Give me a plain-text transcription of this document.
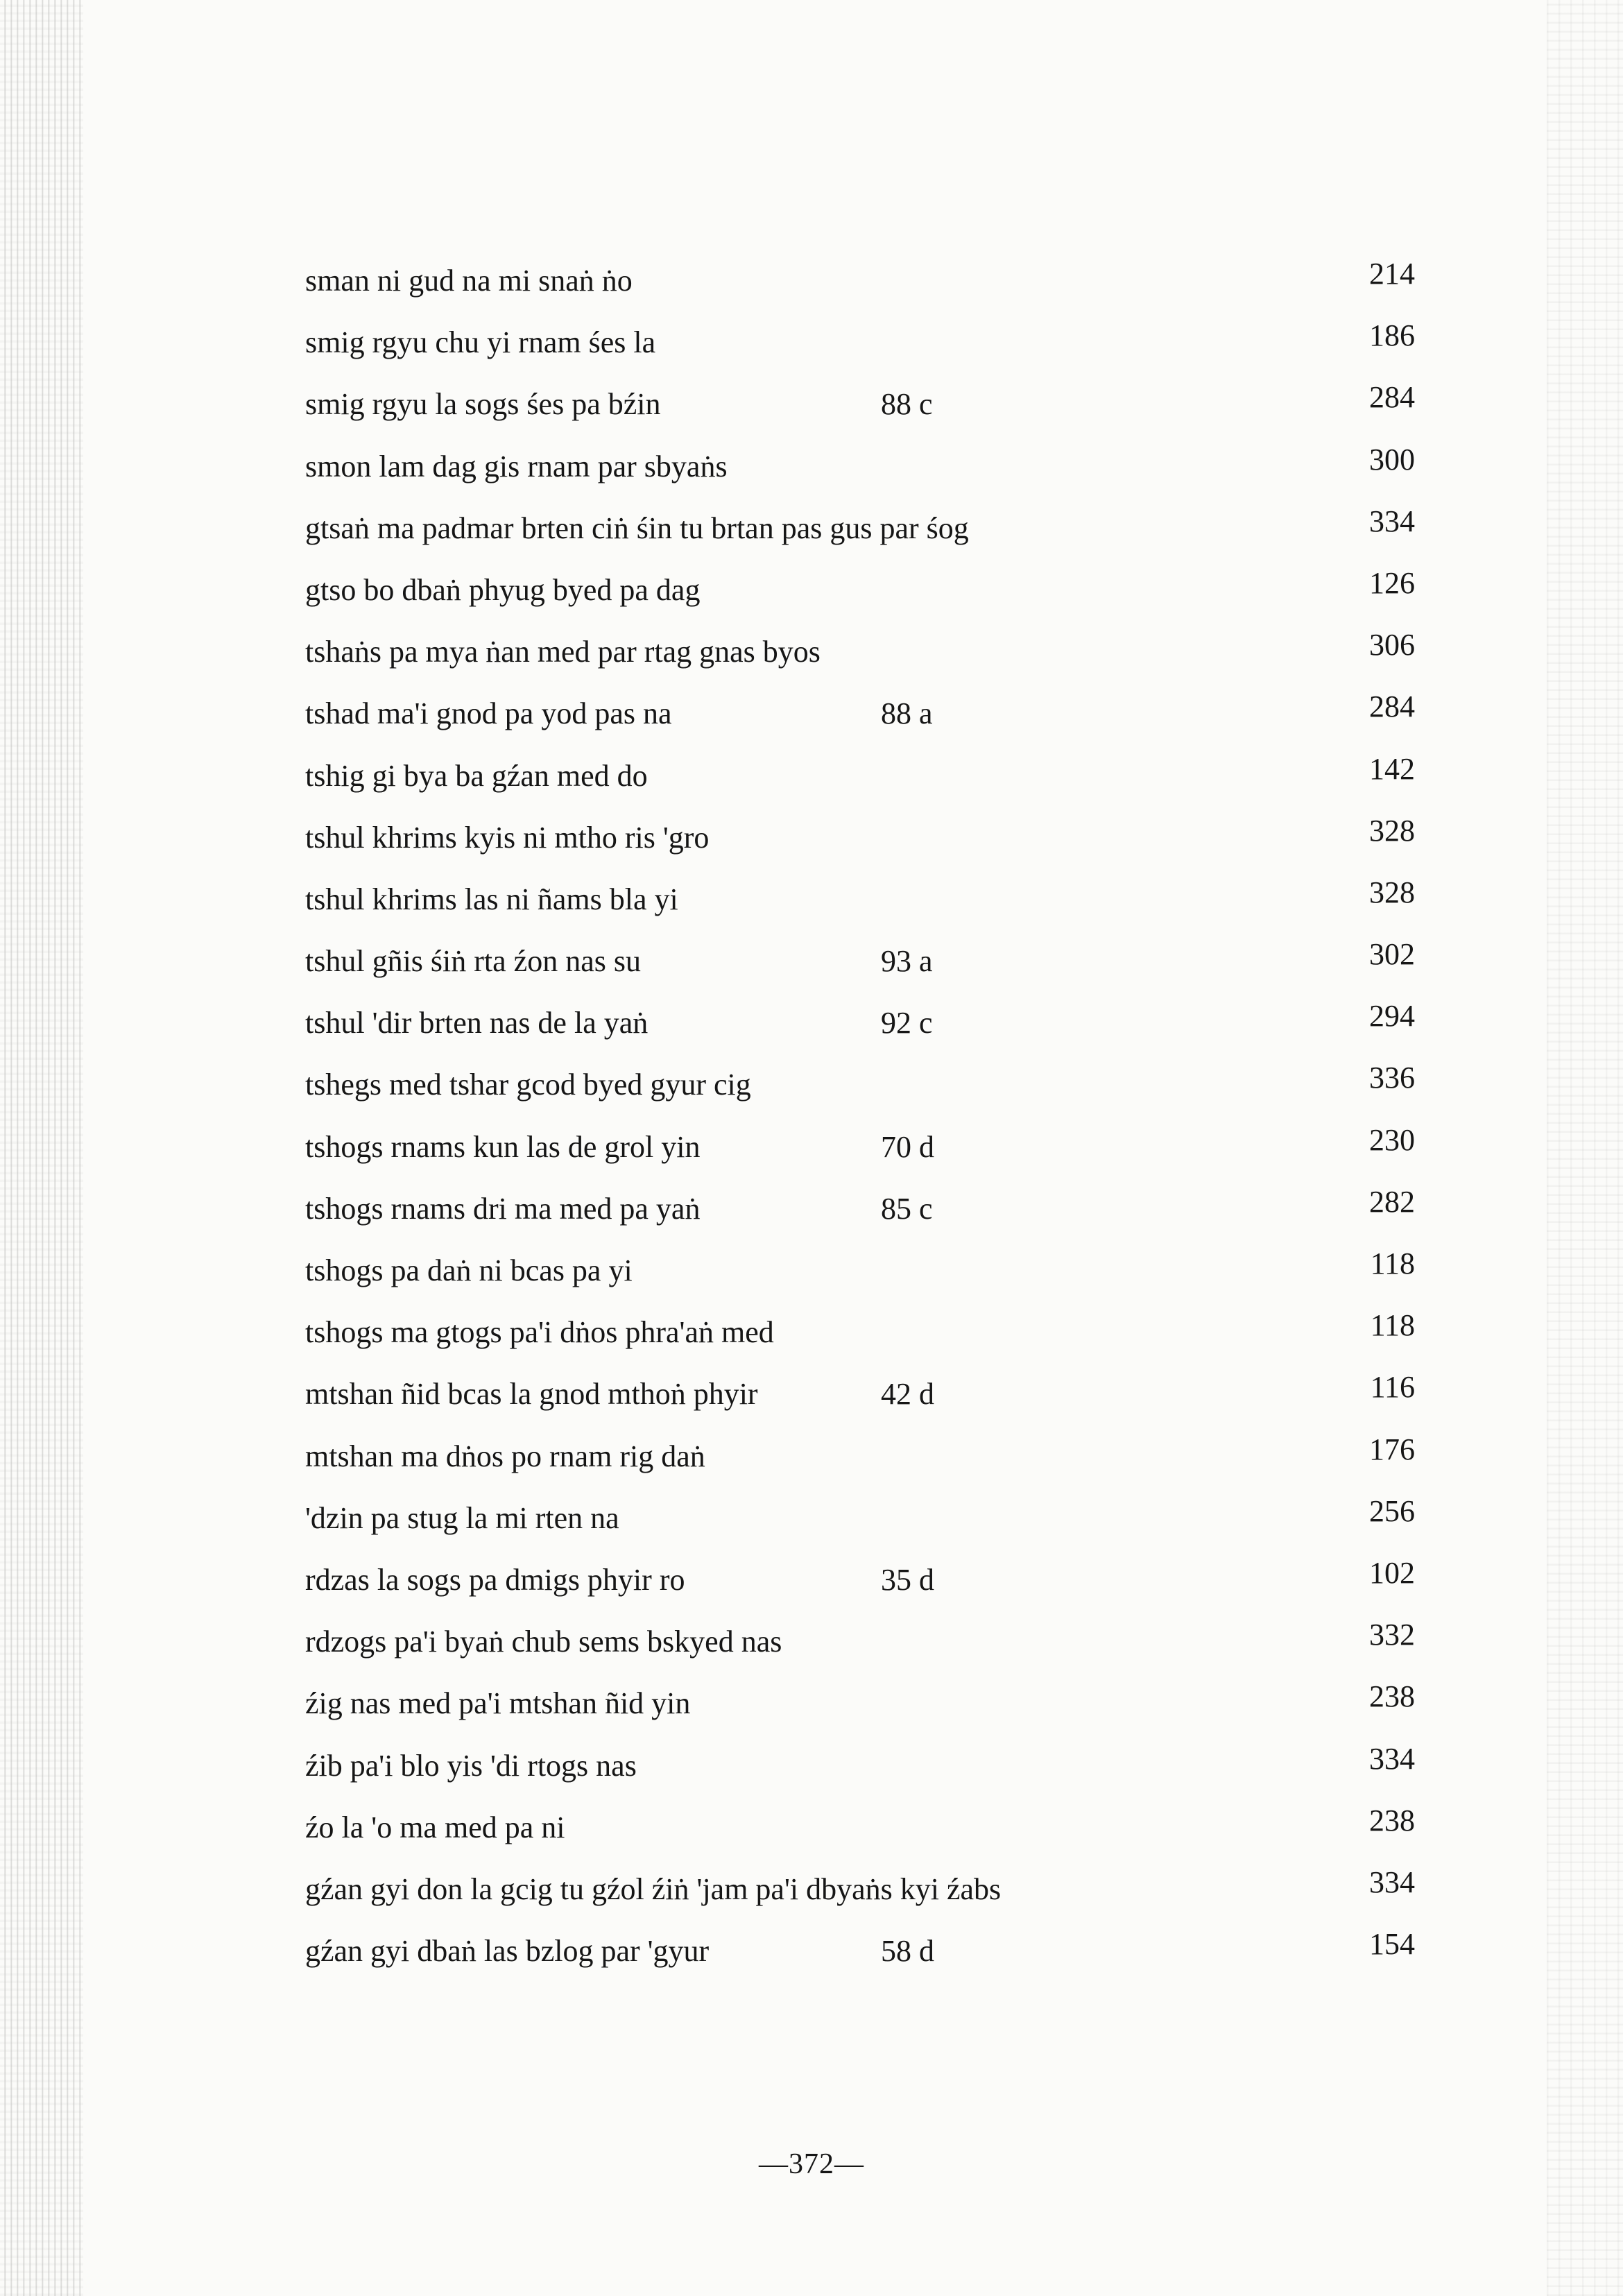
sman ni gud na mi snaṅ ṅo	214
smig rgyu chu yi rnam śes la	186
smig rgyu la sogs śes pa bźin	88 c	284
smon lam dag gis rnam par sbyaṅs	300
gtsaṅ ma padmar brten ciṅ śin tu brtan pas gus par śog	334
gtso bo dbaṅ phyug byed pa dag	126
tshaṅs pa mya ṅan med par rtag gnas byos	306
tshad ma'i gnod pa yod pas na	88 a	284
tshig gi bya ba gźan med do	142
tshul khrims kyis ni mtho ris 'gro	328
tshul khrims las ni ñams bla yi	328
tshul gñis śiṅ rta źon nas su	93 a	302
tshul 'dir brten nas de la yaṅ	92 c	294
tshegs med tshar gcod byed gyur cig	336
tshogs rnams kun las de grol yin	70 d	230
tshogs rnams dri ma med pa yaṅ	85 c	282
tshogs pa daṅ ni bcas pa yi	118
tshogs ma gtogs pa'i dṅos phra'aṅ med	118
mtshan ñid bcas la gnod mthoṅ phyir	42 d	116
mtshan ma dṅos po rnam rig daṅ	176
'dzin pa stug la mi rten na	256
rdzas la sogs pa dmigs phyir ro	35 d	102
rdzogs pa'i byaṅ chub sems bskyed nas	332
źig nas med pa'i mtshan ñid yin	238
źib pa'i blo yis 'di rtogs nas	334
źo la 'o ma med pa ni	238
gźan gyi don la gcig tu gźol źiṅ 'jam pa'i dbyaṅs kyi źabs	334
gźan gyi dbaṅ las bzlog par 'gyur	58 d	154
—372—
